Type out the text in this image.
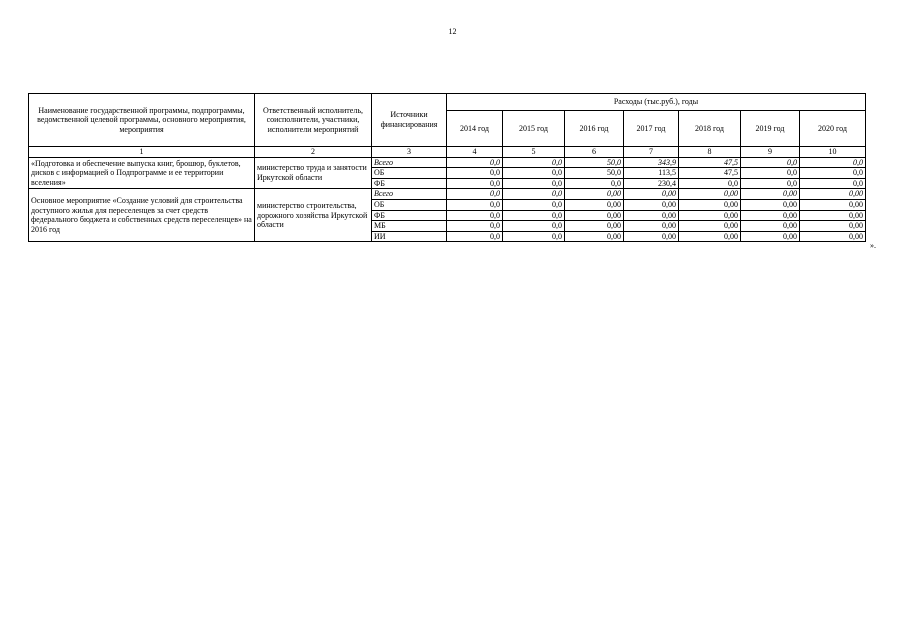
12
Наименование государственной программы, подпрограммы, ведомственной целевой программы, основного мероприятия, мероприятия	Ответственный исполнитель, соисполнители, участники, исполнители мероприятий	Источники финансирования	Расходы (тыс.руб.), годы						
			2014 год	2015 год	2016 год	2017 год	2018 год	2019 год	2020 год
1	2	3	4	5	6	7	8	9	10
«Подготовка и обеспечение выпуска книг, брошюр, буклетов, дисков с информацией о Подпрограмме и ее территории вселения»	министерство труда и занятости Иркутской области	Всего	0,0	0,0	50,0	343,9	47,5	0,0	0,0
		ОБ	0,0	0,0	50,0	113,5	47,5	0,0	0,0
		ФБ	0,0	0,0	0,0	230,4	0,0	0,0	0,0
Основное мероприятие «Создание условий для строительства доступного жилья для переселенцев за счет средств федерального бюджета и собственных средств переселенцев» на 2016 год	министерство строительства, дорожного хозяйства Иркутской области	Всего	0,0	0,0	0,00	0,00	0,00	0,00	0,00
		ОБ	0,0	0,0	0,00	0,00	0,00	0,00	0,00
		ФБ	0,0	0,0	0,00	0,00	0,00	0,00	0,00
		МБ	0,0	0,0	0,00	0,00	0,00	0,00	0,00
		ИИ	0,0	0,0	0,00	0,00	0,00	0,00	0,00
».
